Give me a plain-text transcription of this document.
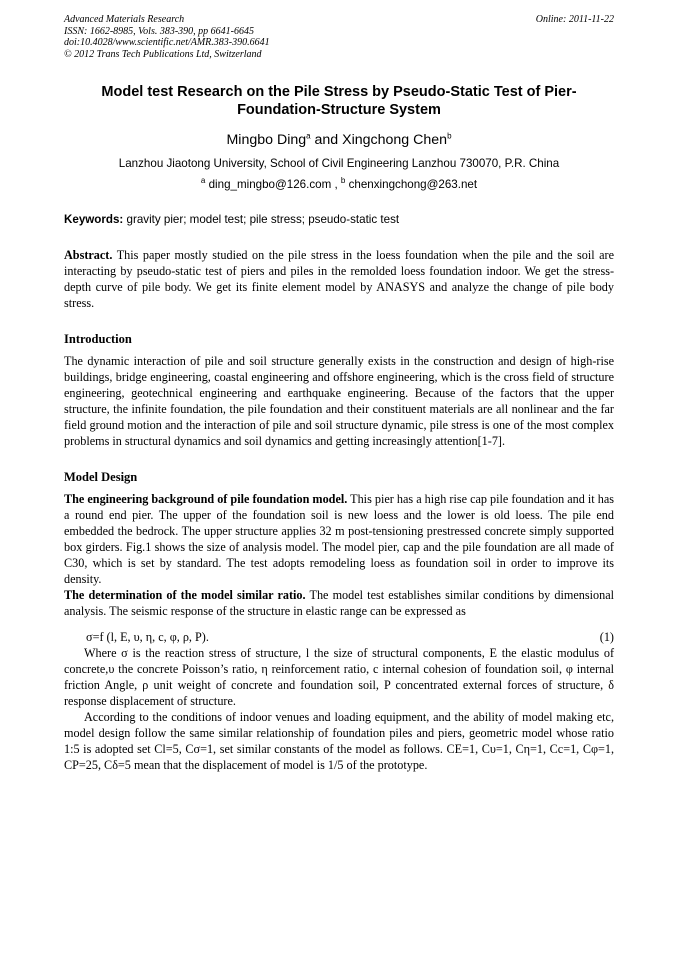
Advanced Materials Research
ISSN: 1662-8985, Vols. 383-390, pp 6641-6645
doi:10.4028/www.scientific.net/AMR.383-390.6641
© 2012 Trans Tech Publications Ltd, Switzerland
Online: 2011-11-22
Model test Research on the Pile Stress by Pseudo-Static Test of Pier-Foundation-Structure System
Mingbo Ding$^a$ and Xingchong Chen$^b$
Lanzhou Jiaotong University, School of Civil Engineering Lanzhou 730070, P.R. China
$^a$ ding_mingbo@126.com , $^b$ chenxingchong@263.net
Keywords: gravity pier; model test; pile stress; pseudo-static test

Abstract. This paper mostly studied on the pile stress in the loess foundation when the pile and the soil are interacting by pseudo-static test of piers and piles in the remolded loess foundation indoor. We get the stress-depth curve of pile body. We get its finite element model by ANASYS and analyze the change of pile body stress.

Introduction

The dynamic interaction of pile and soil structure generally exists in the construction and design of high-rise buildings, bridge engineering, coastal engineering and offshore engineering, which is the cross field of structure engineering, geotechnical engineering and earthquake engineering. Because of the factors that the upper structure, the infinite foundation, the pile foundation and their constituent materials are all nonlinear and the far field ground motion and the interaction of pile and soil structure dynamic, pile stress is one of the most complex problems in structural dynamics and soil dynamics and getting increasingly attention[1-7].

Model Design

The engineering background of pile foundation model. This pier has a high rise cap pile foundation and it has a round end pier. The upper of the foundation soil is new loess and the lower is old loess. The pile end embedded the bedrock. The upper structure applies 32 m post-tensioning prestressed concrete simply supported box girders. Fig.1 shows the size of analysis model. The model pier, cap and the pile foundation are all made of C30, which is set by standard. The test adopts remodeling loess as foundation soil in order to improve its density.

The determination of the model similar ratio. The model test establishes similar conditions by dimensional analysis. The seismic response of the structure in elastic range can be expressed as

σ=f (l, E, υ, η, c, φ, ρ, P).	(1)

Where σ is the reaction stress of structure, l the size of structural components, E the elastic modulus of concrete,υ the concrete Poisson’s ratio, η reinforcement ratio, c internal cohesion of foundation soil, φ internal friction Angle, ρ unit weight of concrete and foundation soil, P concentrated external forces of structure, δ response displacement of structure.

According to the conditions of indoor venues and loading equipment, and the ability of model making etc, model design follow the same similar relationship of foundation piles and piers, geometric model whose ratio 1:5 is adopted set Cl=5, Cσ=1, set similar constants of the model as follows. CE=1, Cυ=1, Cη=1, Cc=1, Cφ=1, CP=25, Cδ=5 mean that the displacement of model is 1/5 of the prototype.
